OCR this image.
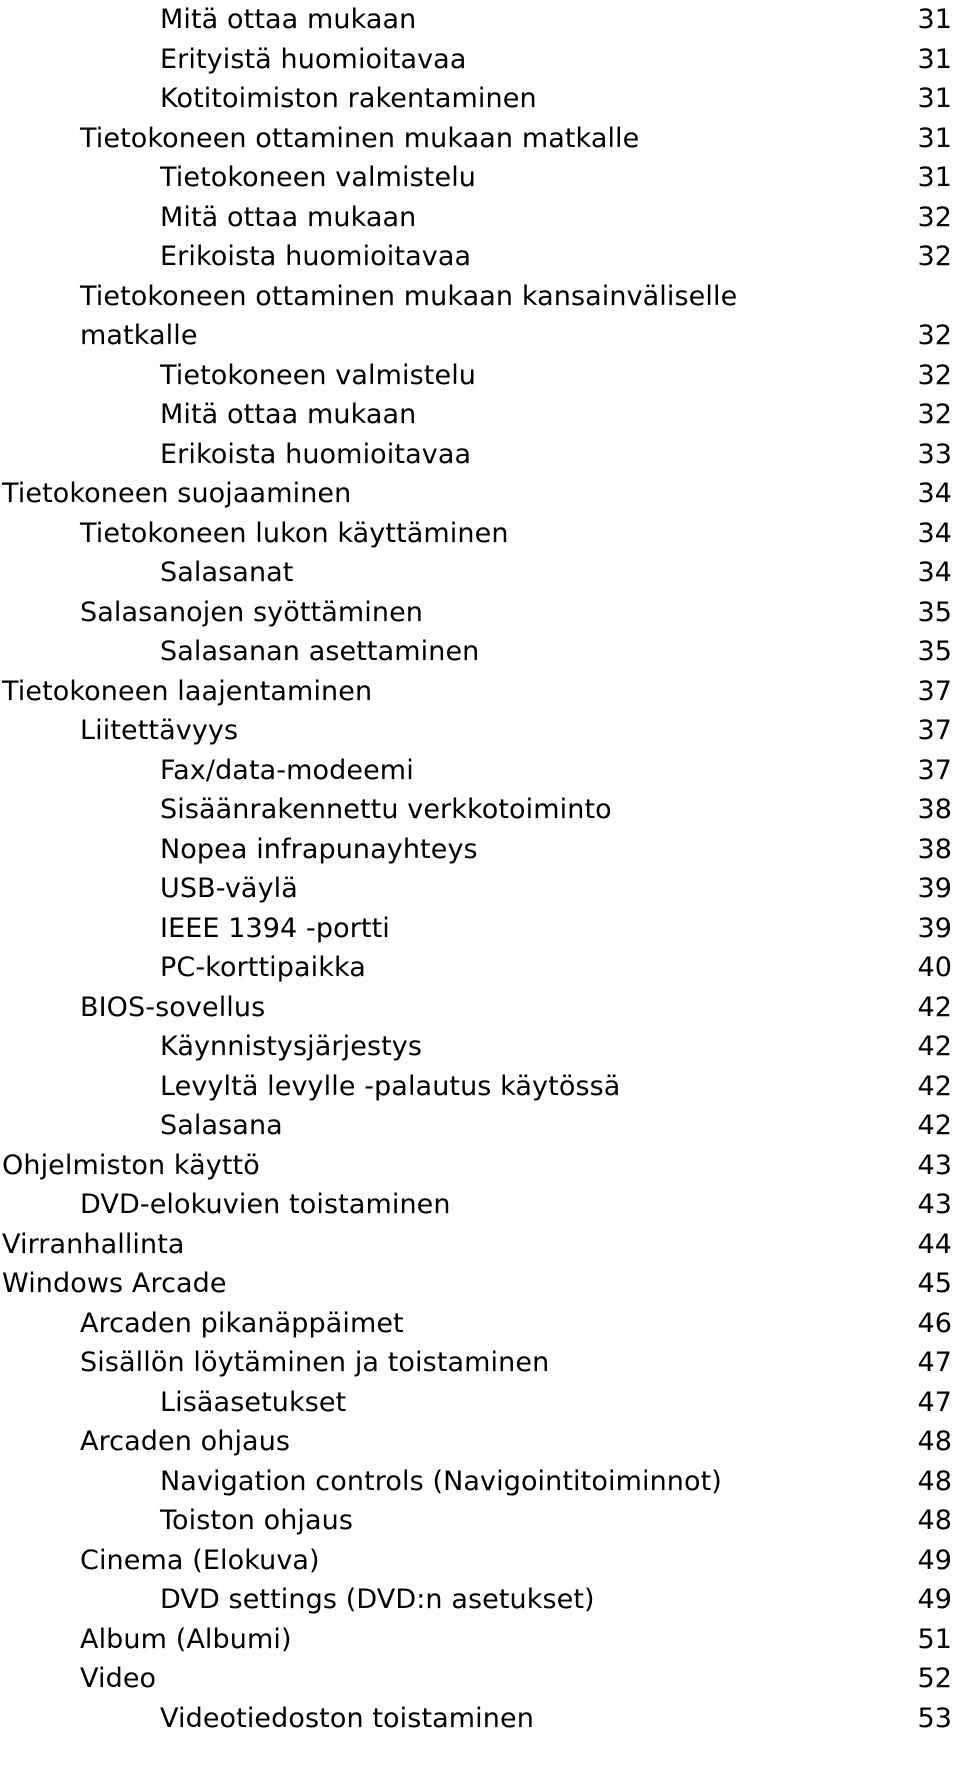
Mitä ottaa mukaan	31
Erityistä huomioitavaa	31
Kotitoimiston rakentaminen	31
Tietokoneen ottaminen mukaan matkalle	31
Tietokoneen valmistelu	31
Mitä ottaa mukaan	32
Erikoista huomioitavaa	32
Tietokoneen ottaminen mukaan kansainväliselle
matkalle	32
Tietokoneen valmistelu	32
Mitä ottaa mukaan	32
Erikoista huomioitavaa	33
Tietokoneen suojaaminen	34
Tietokoneen lukon käyttäminen	34
Salasanat	34
Salasanojen syöttäminen	35
Salasanan asettaminen	35
Tietokoneen laajentaminen	37
Liitettävyys	37
Fax/data-modeemi	37
Sisäänrakennettu verkkotoiminto	38
Nopea infrapunayhteys	38
USB-väylä	39
IEEE 1394 -portti	39
PC-korttipaikka	40
BIOS-sovellus	42
Käynnistysjärjestys	42
Levyltä levylle -palautus käytössä	42
Salasana	42
Ohjelmiston käyttö	43
DVD-elokuvien toistaminen	43
Virranhallinta	44
Windows Arcade	45
Arcaden pikanäppäimet	46
Sisällön löytäminen ja toistaminen	47
Lisäasetukset	47
Arcaden ohjaus	48
Navigation controls (Navigointitoiminnot)	48
Toiston ohjaus	48
Cinema (Elokuva)	49
DVD settings (DVD:n asetukset)	49
Album (Albumi)	51
Video	52
Videotiedoston toistaminen	53
